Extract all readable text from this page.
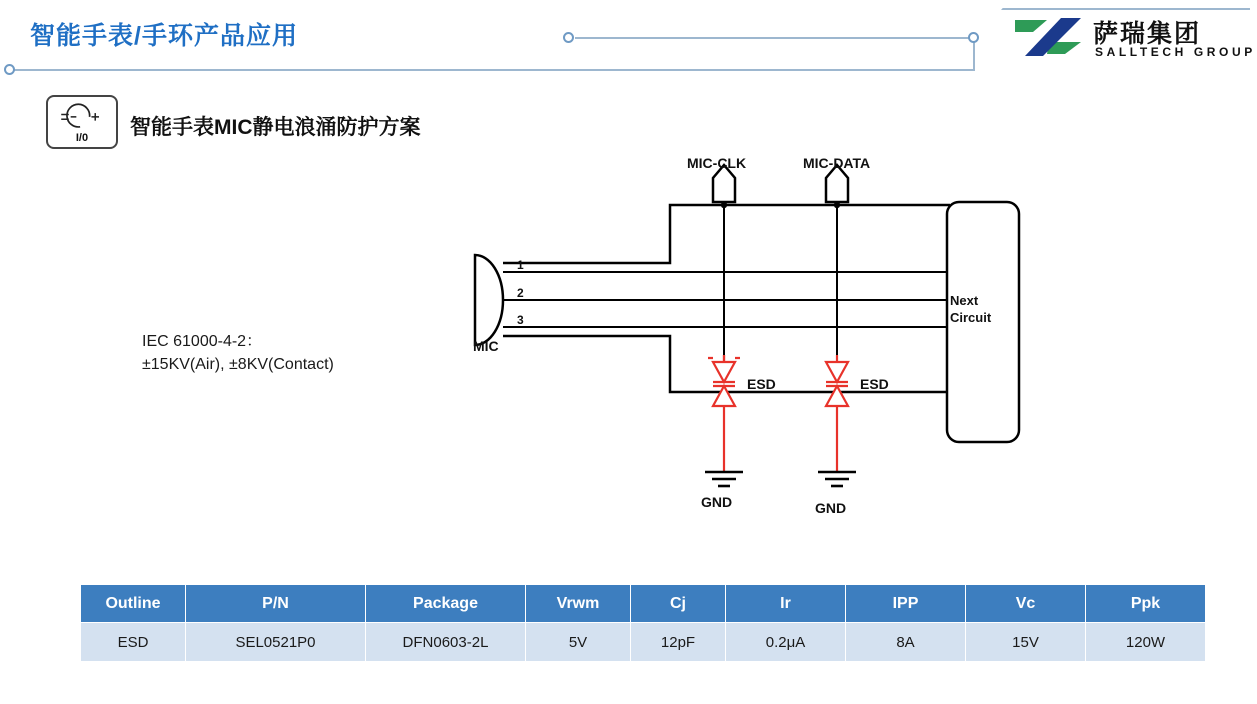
智能手表/手环产品应用	萨瑞集团
SALLTECH GROUP
I/0	智能手表MIC静电浪涌防护方案
IEC 61000-4-2：
±15KV(Air), ±8KV(Contact)
MIC
1
2
3
MIC-CLK	MIC-DATA
ESD	ESD
GND	GND
Next
Circuit
Outline	P/N	Package	Vrwm	Cj	Ir	IPP	Vc	Ppk
ESD	SEL0521P0	DFN0603-2L	5V	12pF	0.2μA	8A	15V	120W
